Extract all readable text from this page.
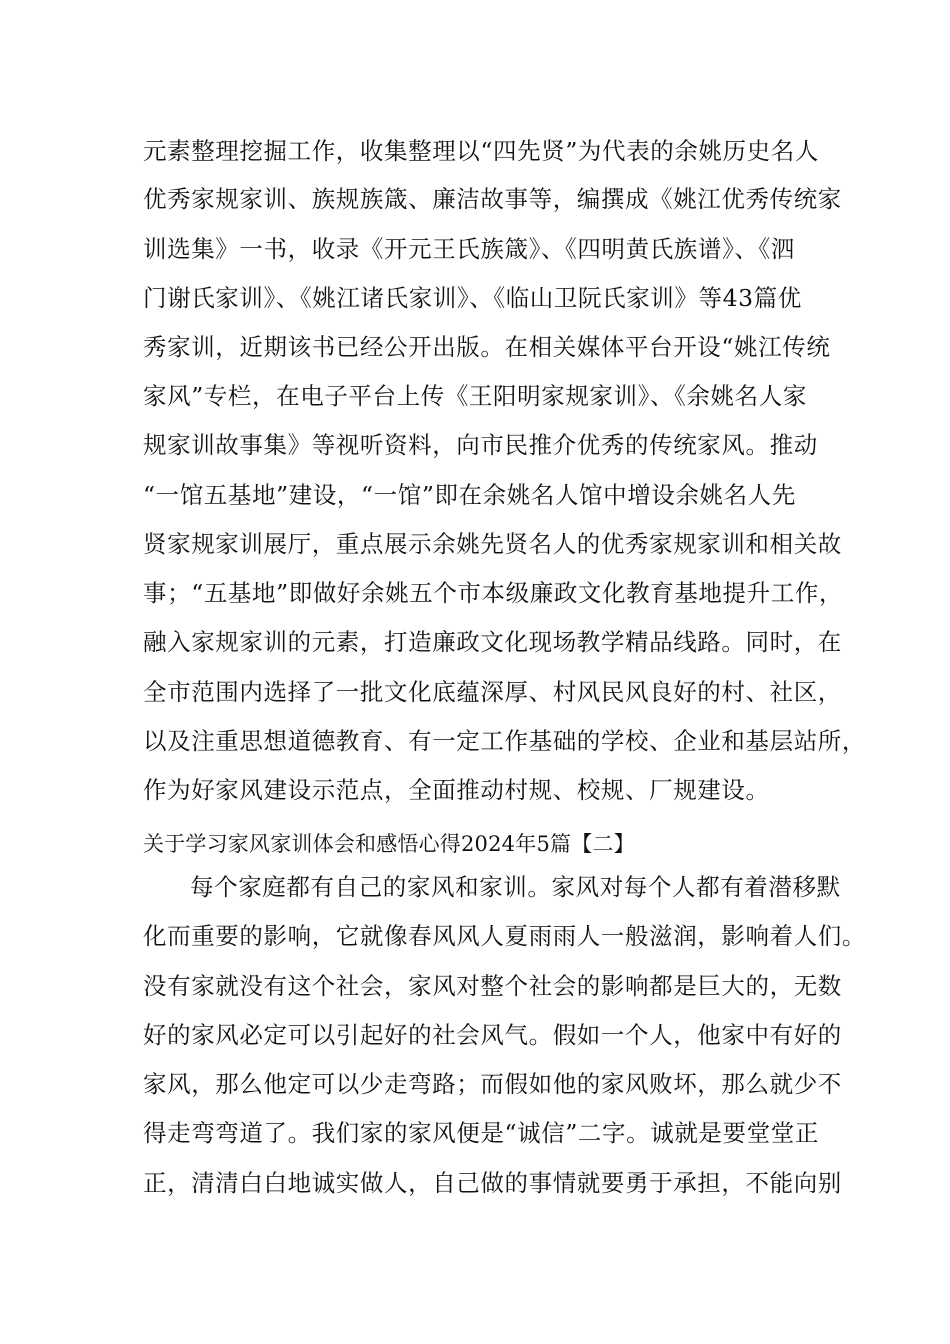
元素整理挖掘工作，收集整理以“四先贤”为代表的余姚历史名人
优秀家规家训、族规族箴、廉洁故事等，编撰成《姚江优秀传统家
训选集》一书，收录《开元王氏族箴》、《四明黄氏族谱》、《泗
门谢氏家训》、《姚江诸氏家训》、《临山卫阮氏家训》等43篇优
秀家训，近期该书已经公开出版。在相关媒体平台开设“姚江传统
家风”专栏，在电子平台上传《王阳明家规家训》、《余姚名人家
规家训故事集》等视听资料，向市民推介优秀的传统家风。推动
“一馆五基地”建设，“一馆”即在余姚名人馆中增设余姚名人先
贤家规家训展厅，重点展示余姚先贤名人的优秀家规家训和相关故
事；“五基地”即做好余姚五个市本级廉政文化教育基地提升工作，
融入家规家训的元素，打造廉政文化现场教学精品线路。同时，在
全市范围内选择了一批文化底蕴深厚、村风民风良好的村、社区，
以及注重思想道德教育、有一定工作基础的学校、企业和基层站所，
作为好家风建设示范点，全面推动村规、校规、厂规建设。
关于学习家风家训体会和感悟心得2024年5篇【二】
每个家庭都有自己的家风和家训。家风对每个人都有着潜移默
化而重要的影响，它就像春风风人夏雨雨人一般滋润，影响着人们。
没有家就没有这个社会，家风对整个社会的影响都是巨大的，无数
好的家风必定可以引起好的社会风气。假如一个人，他家中有好的
家风，那么他定可以少走弯路；而假如他的家风败坏，那么就少不
得走弯弯道了。我们家的家风便是“诚信”二字。诚就是要堂堂正
正，清清白白地诚实做人，自己做的事情就要勇于承担，不能向别
